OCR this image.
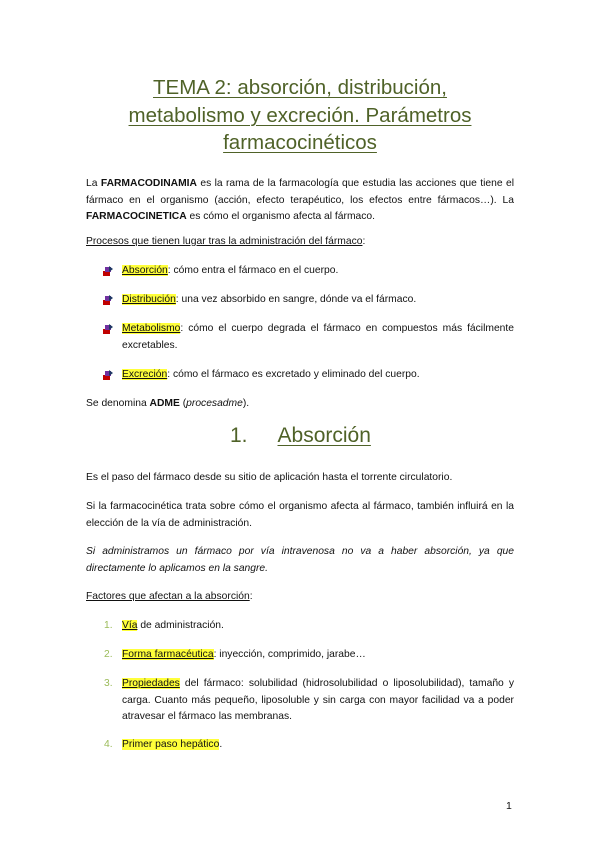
TEMA 2: absorción, distribución,
metabolismo y excreción. Parámetros
farmacocinéticos
La FARMACODINAMIA es la rama de la farmacología que estudia las acciones que tiene el fármaco en el organismo (acción, efecto terapéutico, los efectos entre fármacos…). La FARMACOCINETICA es cómo el organismo afecta al fármaco.
Procesos que tienen lugar tras la administración del fármaco:
Absorción: cómo entra el fármaco en el cuerpo.
Distribución: una vez absorbido en sangre, dónde va el fármaco.
Metabolismo: cómo el cuerpo degrada el fármaco en compuestos más fácilmente excretables.
Excreción: cómo el fármaco es excretado y eliminado del cuerpo.
Se denomina ADME (procesadme).
1. Absorción
Es el paso del fármaco desde su sitio de aplicación hasta el torrente circulatorio.
Si la farmacocinética trata sobre cómo el organismo afecta al fármaco, también influirá en la elección de la vía de administración.
Si administramos un fármaco por vía intravenosa no va a haber absorción, ya que directamente lo aplicamos en la sangre.
Factores que afectan a la absorción:
1. Vía de administración.
2. Forma farmacéutica: inyección, comprimido, jarabe…
3. Propiedades del fármaco: solubilidad (hidrosolubilidad o liposolubilidad), tamaño y carga. Cuanto más pequeño, liposoluble y sin carga con mayor facilidad va a poder atravesar el fármaco las membranas.
4. Primer paso hepático.
1
